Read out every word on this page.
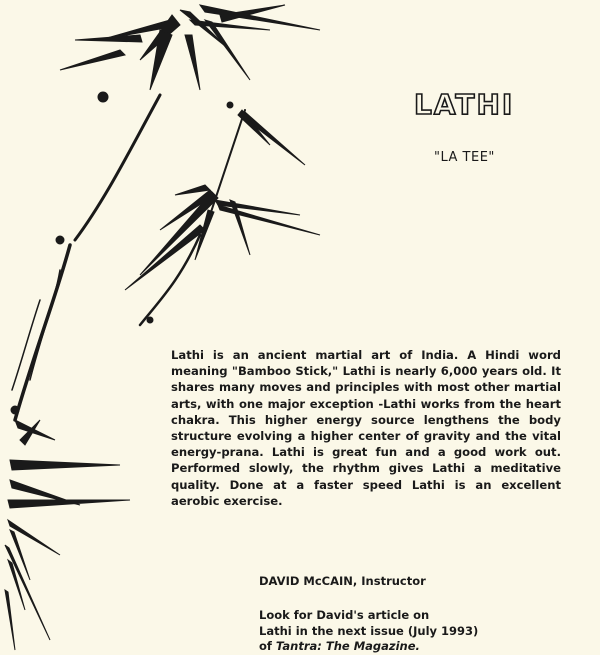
LATHI
"LA TEE"
Lathi is an ancient martial art of India. A Hindi word meaning "Bamboo Stick," Lathi is nearly 6,000 years old. It shares many moves and principles with most other martial arts, with one major exception -Lathi works from the heart chakra. This higher energy source lengthens the body structure evolving a higher center of gravity and the vital energy-prana. Lathi is great fun and a good work out. Performed slowly, the rhythm gives Lathi a meditative quality. Done at a faster speed Lathi is an excellent aerobic exercise.
DAVID McCAIN, Instructor
Look for David's article on
Lathi in the next issue (July 1993)
of Tantra: The Magazine.
